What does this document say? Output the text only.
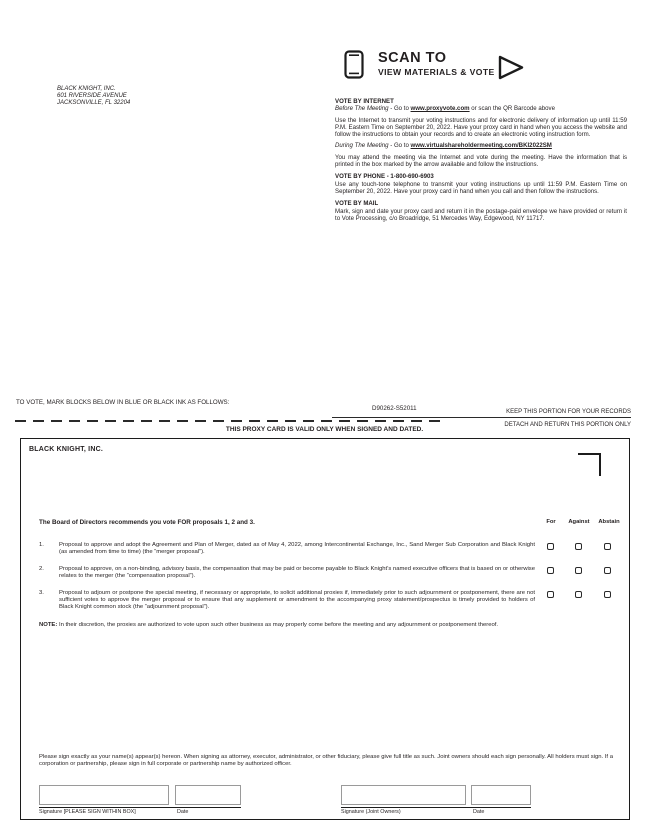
BLACK KNIGHT, INC.
601 RIVERSIDE AVENUE
JACKSONVILLE, FL 32204
SCAN TO
VIEW MATERIALS & VOTE
VOTE BY INTERNET
Before The Meeting - Go to www.proxyvote.com or scan the QR Barcode above

Use the Internet to transmit your voting instructions and for electronic delivery of information up until 11:59 P.M. Eastern Time on September 20, 2022. Have your proxy card in hand when you access the website and follow the instructions to obtain your records and to create an electronic voting instruction form.

During The Meeting - Go to www.virtualshareholdermeeting.com/BKI2022SM

You may attend the meeting via the Internet and vote during the meeting. Have the information that is printed in the box marked by the arrow available and follow the instructions.

VOTE BY PHONE - 1-800-690-6903

Use any touch-tone telephone to transmit your voting instructions up until 11:59 P.M. Eastern Time on September 20, 2022. Have your proxy card in hand when you call and then follow the instructions.

VOTE BY MAIL

Mark, sign and date your proxy card and return it in the postage-paid envelope we have provided or return it to Vote Processing, c/o Broadridge, 51 Mercedes Way, Edgewood, NY 11717.

TO VOTE, MARK BLOCKS BELOW IN BLUE OR BLACK INK AS FOLLOWS:
D90262-S52011	KEEP THIS PORTION FOR YOUR RECORDS
THIS PROXY CARD IS VALID ONLY WHEN SIGNED AND DATED.
DETACH AND RETURN THIS PORTION ONLY
BLACK KNIGHT, INC.
The Board of Directors recommends you vote FOR proposals 1, 2 and 3.	For	Against	Abstain
1.	Proposal to approve and adopt the Agreement and Plan of Merger, dated as of May 4, 2022, among Intercontinental Exchange, Inc., Sand Merger Sub Corporation and Black Knight (as amended from time to time) (the “merger proposal”).
2.	Proposal to approve, on a non-binding, advisory basis, the compensation that may be paid or become payable to Black Knight’s named executive officers that is based on or otherwise relates to the merger (the “compensation proposal”).
3.	Proposal to adjourn or postpone the special meeting, if necessary or appropriate, to solicit additional proxies if, immediately prior to such adjournment or postponement, there are not sufficient votes to approve the merger proposal or to ensure that any supplement or amendment to the accompanying proxy statement/prospectus is timely provided to holders of Black Knight common stock (the “adjournment proposal”).

NOTE: In their discretion, the proxies are authorized to vote upon such other business as may properly come before the meeting and any adjournment or postponement thereof.

Please sign exactly as your name(s) appear(s) hereon. When signing as attorney, executor, administrator, or other fiduciary, please give full title as such. Joint owners should each sign personally. All holders must sign. If a corporation or partnership, please sign in full corporate or partnership name by authorized officer.

Signature [PLEASE SIGN WITHIN BOX]	Date	Signature (Joint Owners)	Date
